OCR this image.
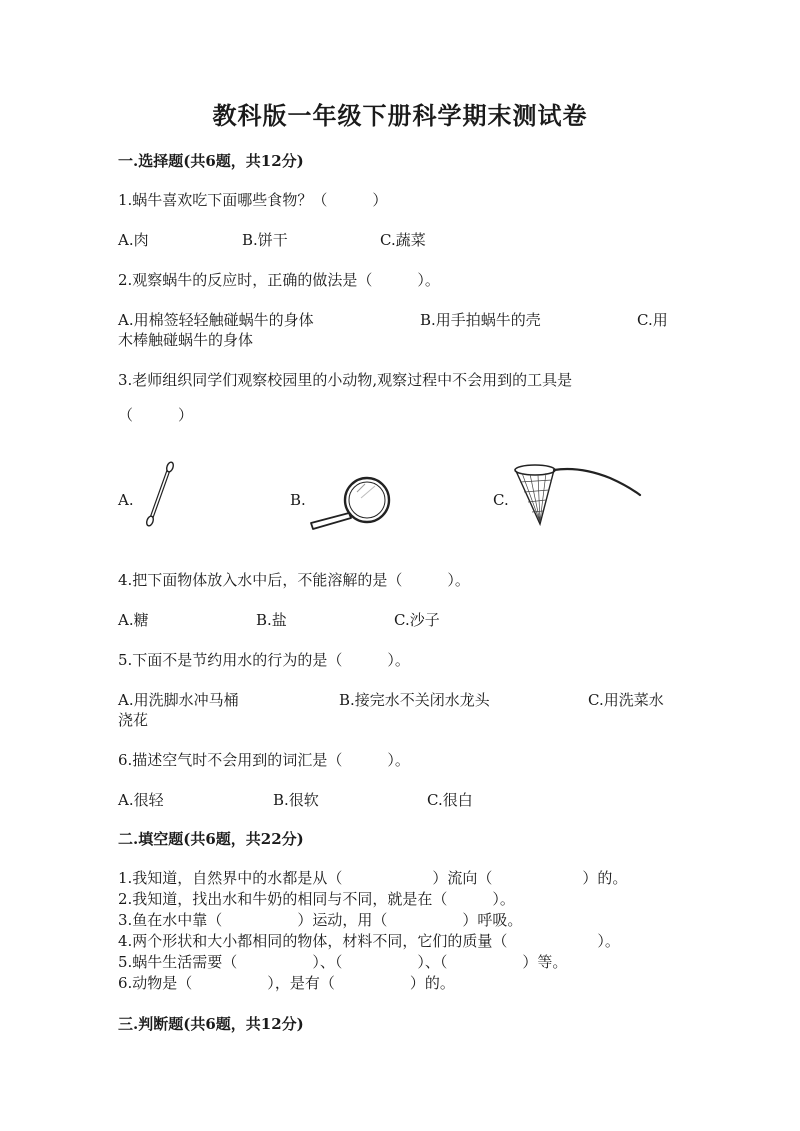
教科版一年级下册科学期末测试卷
一.选择题(共6题，共12分)
1.蜗牛喜欢吃下面哪些食物？（　　　）
A.肉	B.饼干	C.蔬菜
2.观察蜗牛的反应时，正确的做法是（　　　）。
A.用棉签轻轻触碰蜗牛的身体	B.用手拍蜗牛的壳	C.用
木棒触碰蜗牛的身体
3.老师组织同学们观察校园里的小动物,观察过程中不会用到的工具是
（　　　）
A.	B.	C.
4.把下面物体放入水中后，不能溶解的是（　　　）。
A.糖	B.盐	C.沙子
5.下面不是节约用水的行为的是（　　　）。
A.用洗脚水冲马桶	B.接完水不关闭水龙头	C.用洗菜水
浇花
6.描述空气时不会用到的词汇是（　　　）。
A.很轻	B.很软	C.很白
二.填空题(共6题，共22分)
1.我知道，自然界中的水都是从（　　　　　　）流向（　　　　　　）的。
2.我知道，找出水和牛奶的相同与不同，就是在（　　　）。
3.鱼在水中靠（　　　　　）运动，用（　　　　　）呼吸。
4.两个形状和大小都相同的物体，材料不同，它们的质量（　　　　　　）。
5.蜗牛生活需要（　　　　　）、（　　　　　）、（　　　　　）等。
6.动物是（　　　　　），是有（　　　　　）的。
三.判断题(共6题，共12分)
